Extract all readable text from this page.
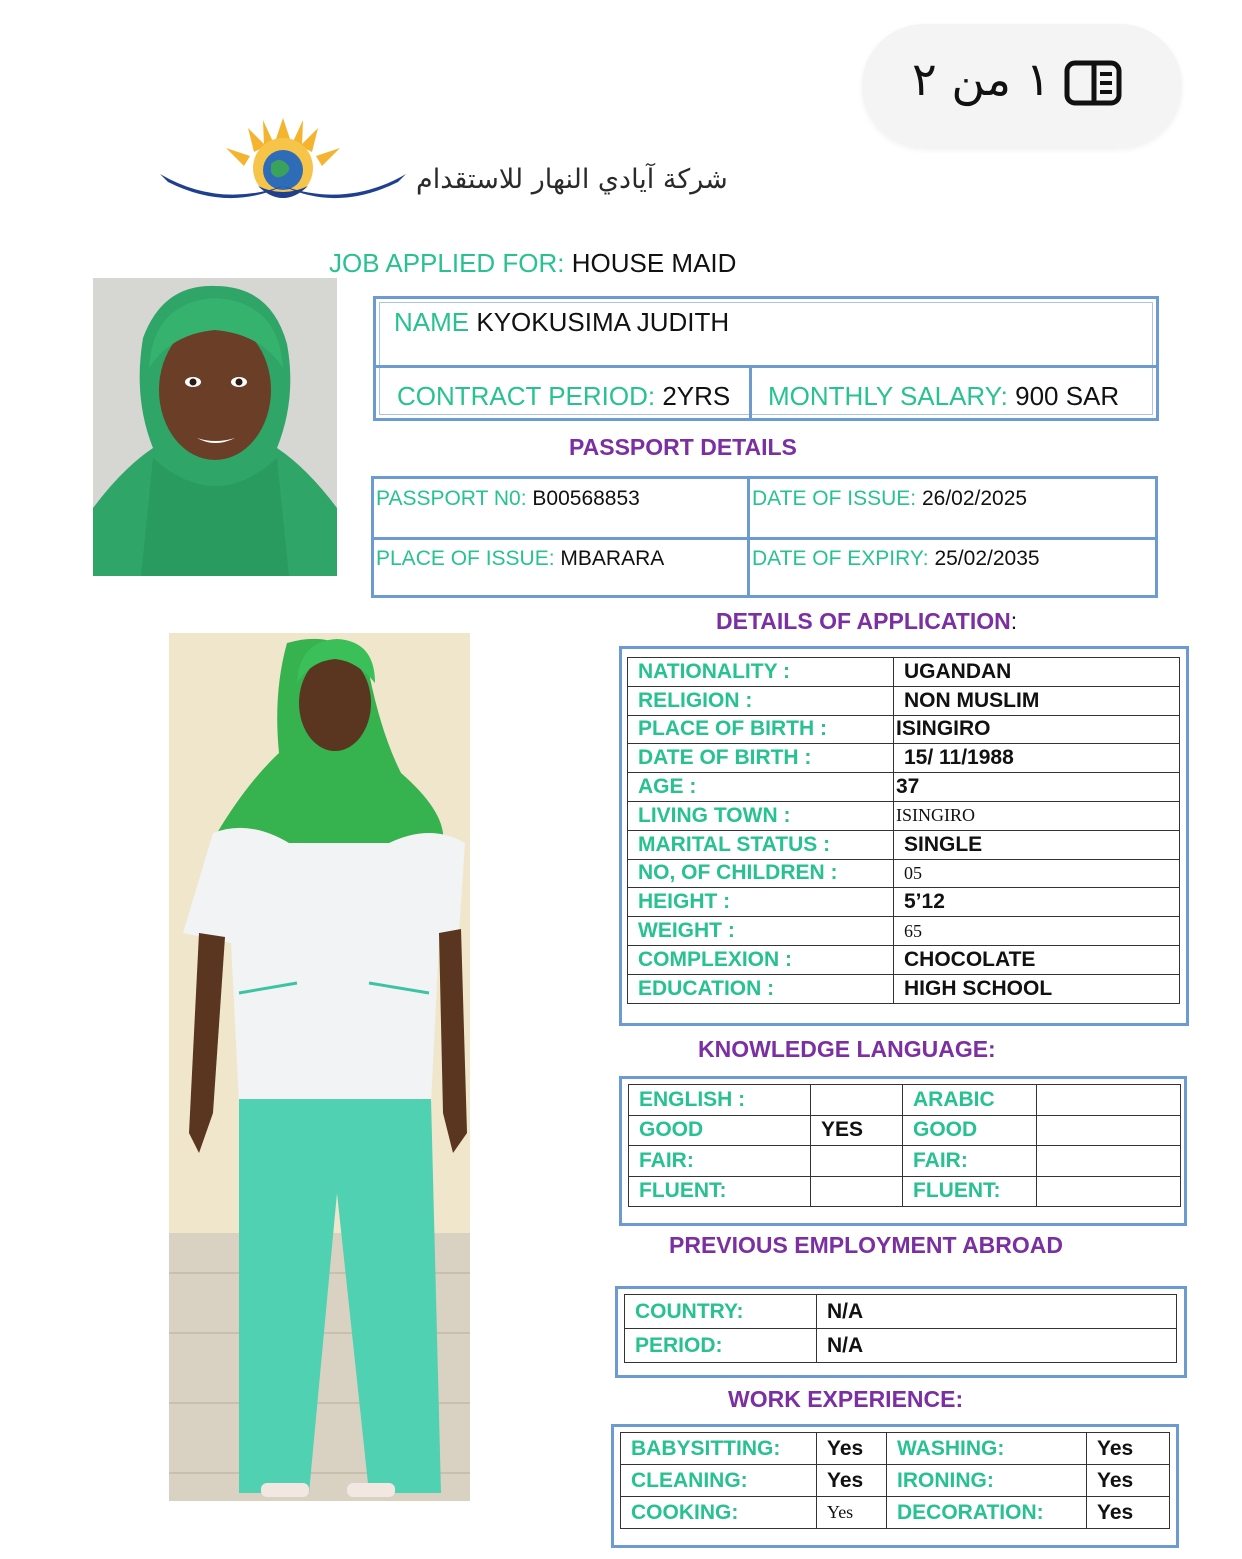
١ من ٢
شركة آيادي النهار للاستقدام
JOB APPLIED FOR: HOUSE MAID
NAME KYOKUSIMA JUDITH
CONTRACT PERIOD: 2YRS MONTHLY SALARY: 900 SAR
PASSPORT DETAILS
PASSPORT N0: B00568853	DATE OF ISSUE: 26/02/2025
PLACE OF ISSUE: MBARARA	DATE OF EXPIRY: 25/02/2035
DETAILS OF APPLICATION:
NATIONALITY :	UGANDAN
RELIGION :	NON MUSLIM
PLACE OF BIRTH :	ISINGIRO
DATE OF BIRTH :	15/ 11/1988
AGE :	37
LIVING TOWN :	ISINGIRO
MARITAL STATUS :	SINGLE
NO, OF CHILDREN :	05
HEIGHT :	5’12
WEIGHT :	65
COMPLEXION :	CHOCOLATE
EDUCATION :	HIGH SCHOOL
KNOWLEDGE LANGUAGE:
ENGLISH :		ARABIC	
GOOD	YES	GOOD	
FAIR:		FAIR:	
FLUENT:		FLUENT:	
PREVIOUS EMPLOYMENT ABROAD
COUNTRY:	N/A
PERIOD:	N/A
WORK EXPERIENCE:
BABYSITTING:	Yes	WASHING:	Yes
CLEANING:	Yes	IRONING:	Yes
COOKING:	Yes	DECORATION:	Yes
